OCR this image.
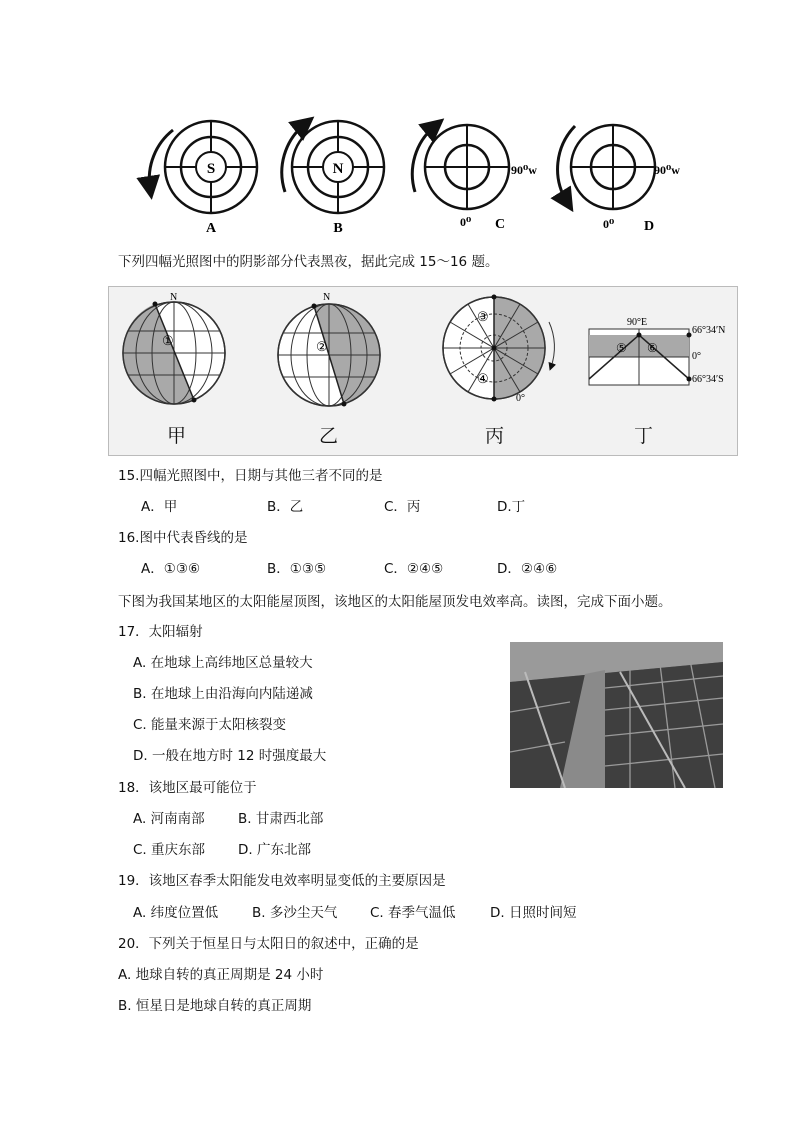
S
A
N
B
90⁰w
0⁰ C
90⁰w
0⁰ D
下列四幅光照图中的阴影部分代表黑夜，据此完成 15～16 题。
N
①
N
②
③
④
0°
90°E
66°34′N
0°
66°34′S
⑤ ⑥
甲	乙	丙	丁
15.四幅光照图中，日期与其他三者不同的是
A．甲	B．乙	C．丙	D.丁
16.图中代表昏线的是
A．①③⑥	B．①③⑤	C．②④⑤	D．②④⑥
下图为我国某地区的太阳能屋顶图，该地区的太阳能屋顶发电效率高。读图，完成下面小题。
17．太阳辐射
A. 在地球上高纬地区总量较大
B. 在地球上由沿海向内陆递减
C. 能量来源于太阳核裂变
D. 一般在地方时 12 时强度最大
18．该地区最可能位于
A. 河南南部 B. 甘肃西北部
C. 重庆东部 D. 广东北部
19．该地区春季太阳能发电效率明显变低的主要原因是
A. 纬度位置低	B. 多沙尘天气 C. 春季气温低	D. 日照时间短
20．下列关于恒星日与太阳日的叙述中，正确的是
A. 地球自转的真正周期是 24 小时
B. 恒星日是地球自转的真正周期
